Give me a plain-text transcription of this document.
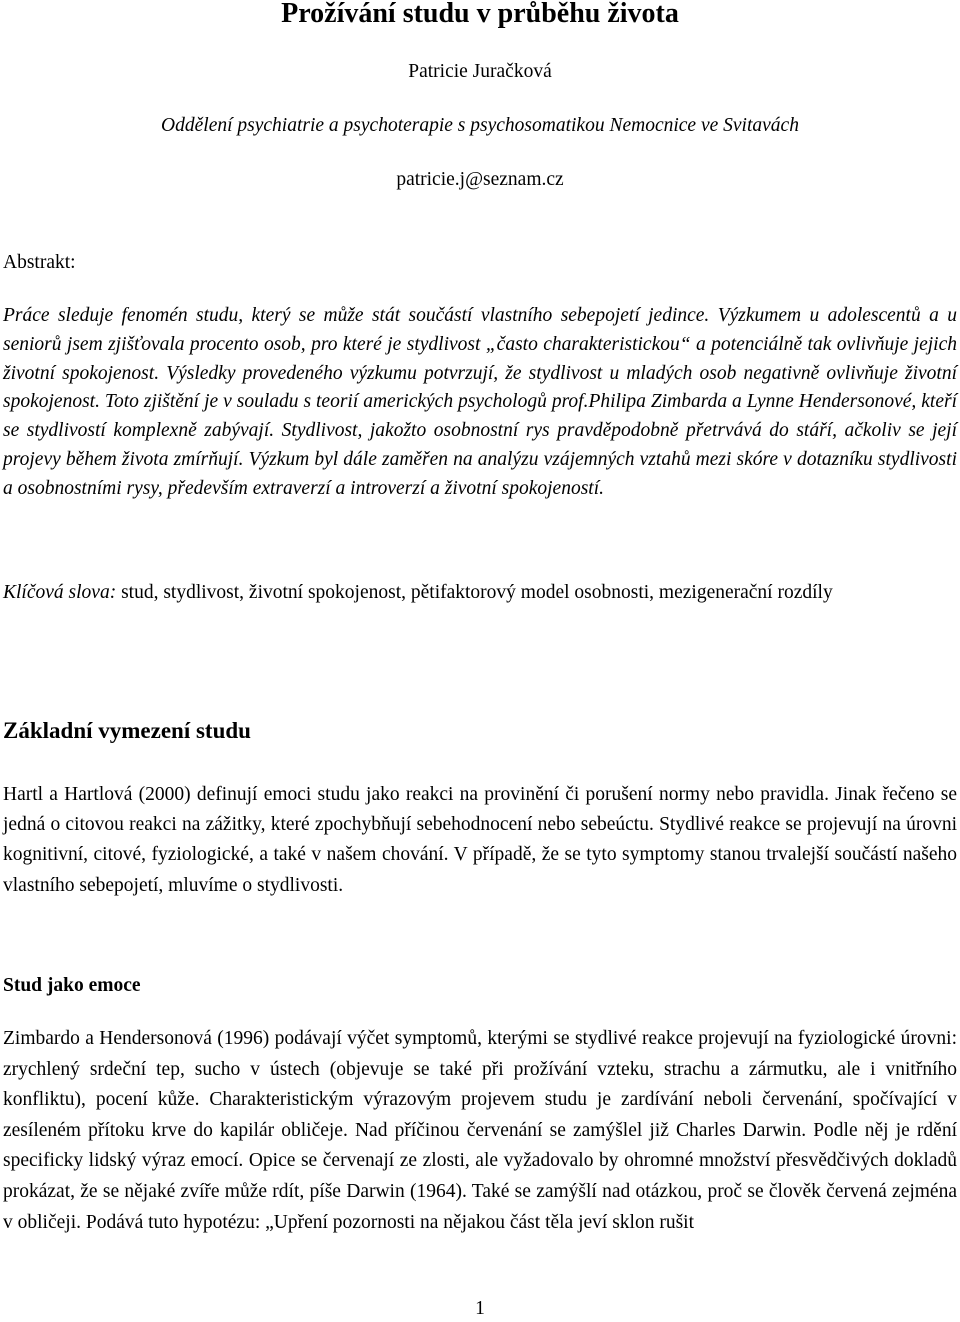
Prožívání studu v průběhu života

Patricie Juračková

Oddělení psychiatrie a psychoterapie s psychosomatikou Nemocnice ve Svitavách

patricie.j@seznam.cz

Abstrakt:

Práce sleduje fenomén studu, který se může stát součástí vlastního sebepojetí jedince. Výzkumem u adolescentů a u seniorů jsem zjišťovala procento osob, pro které je stydlivost „často charakteristickou“ a potenciálně tak ovlivňuje jejich životní spokojenost. Výsledky provedeného výzkumu potvrzují, že stydlivost u mladých osob negativně ovlivňuje životní spokojenost. Toto zjištění je v souladu s teorií amerických psychologů prof.Philipa Zimbarda a Lynne Hendersonové, kteří se stydlivostí komplexně zabývají. Stydlivost, jakožto osobnostní rys pravděpodobně přetrvává do stáří, ačkoliv se její projevy během života zmírňují. Výzkum byl dále zaměřen na analýzu vzájemných vztahů mezi skóre v dotazníku stydlivosti a osobnostními rysy, především extraverzí a introverzí a životní spokojeností.

Klíčová slova: stud, stydlivost, životní spokojenost, pětifaktorový model osobnosti, mezigenerační rozdíly

Základní vymezení studu

Hartl a Hartlová (2000) definují emoci studu jako reakci na provinění či porušení normy nebo pravidla. Jinak řečeno se jedná o citovou reakci na zážitky, které zpochybňují sebehodnocení nebo sebeúctu. Stydlivé reakce se projevují na úrovni kognitivní, citové, fyziologické, a také v našem chování. V případě, že se tyto symptomy stanou trvalejší součástí našeho vlastního sebepojetí, mluvíme o stydlivosti.

Stud jako emoce

Zimbardo a Hendersonová (1996) podávají výčet symptomů, kterými se stydlivé reakce projevují na fyziologické úrovni: zrychlený srdeční tep, sucho v ústech (objevuje se také při prožívání vzteku, strachu a zármutku, ale i vnitřního konfliktu), pocení kůže. Charakteristickým výrazovým projevem studu je zardívání neboli červenání, spočívající v zesíleném přítoku krve do kapilár obličeje. Nad příčinou červenání se zamýšlel již Charles Darwin. Podle něj je rdění specificky lidský výraz emocí. Opice se červenají ze zlosti, ale vyžadovalo by ohromné množství přesvědčivých dokladů prokázat, že se nějaké zvíře může rdít, píše Darwin (1964). Také se zamýšlí nad otázkou, proč se člověk červená zejména v obličeji. Podává tuto hypotézu: „Upření pozornosti na nějakou část těla jeví sklon rušit

1
